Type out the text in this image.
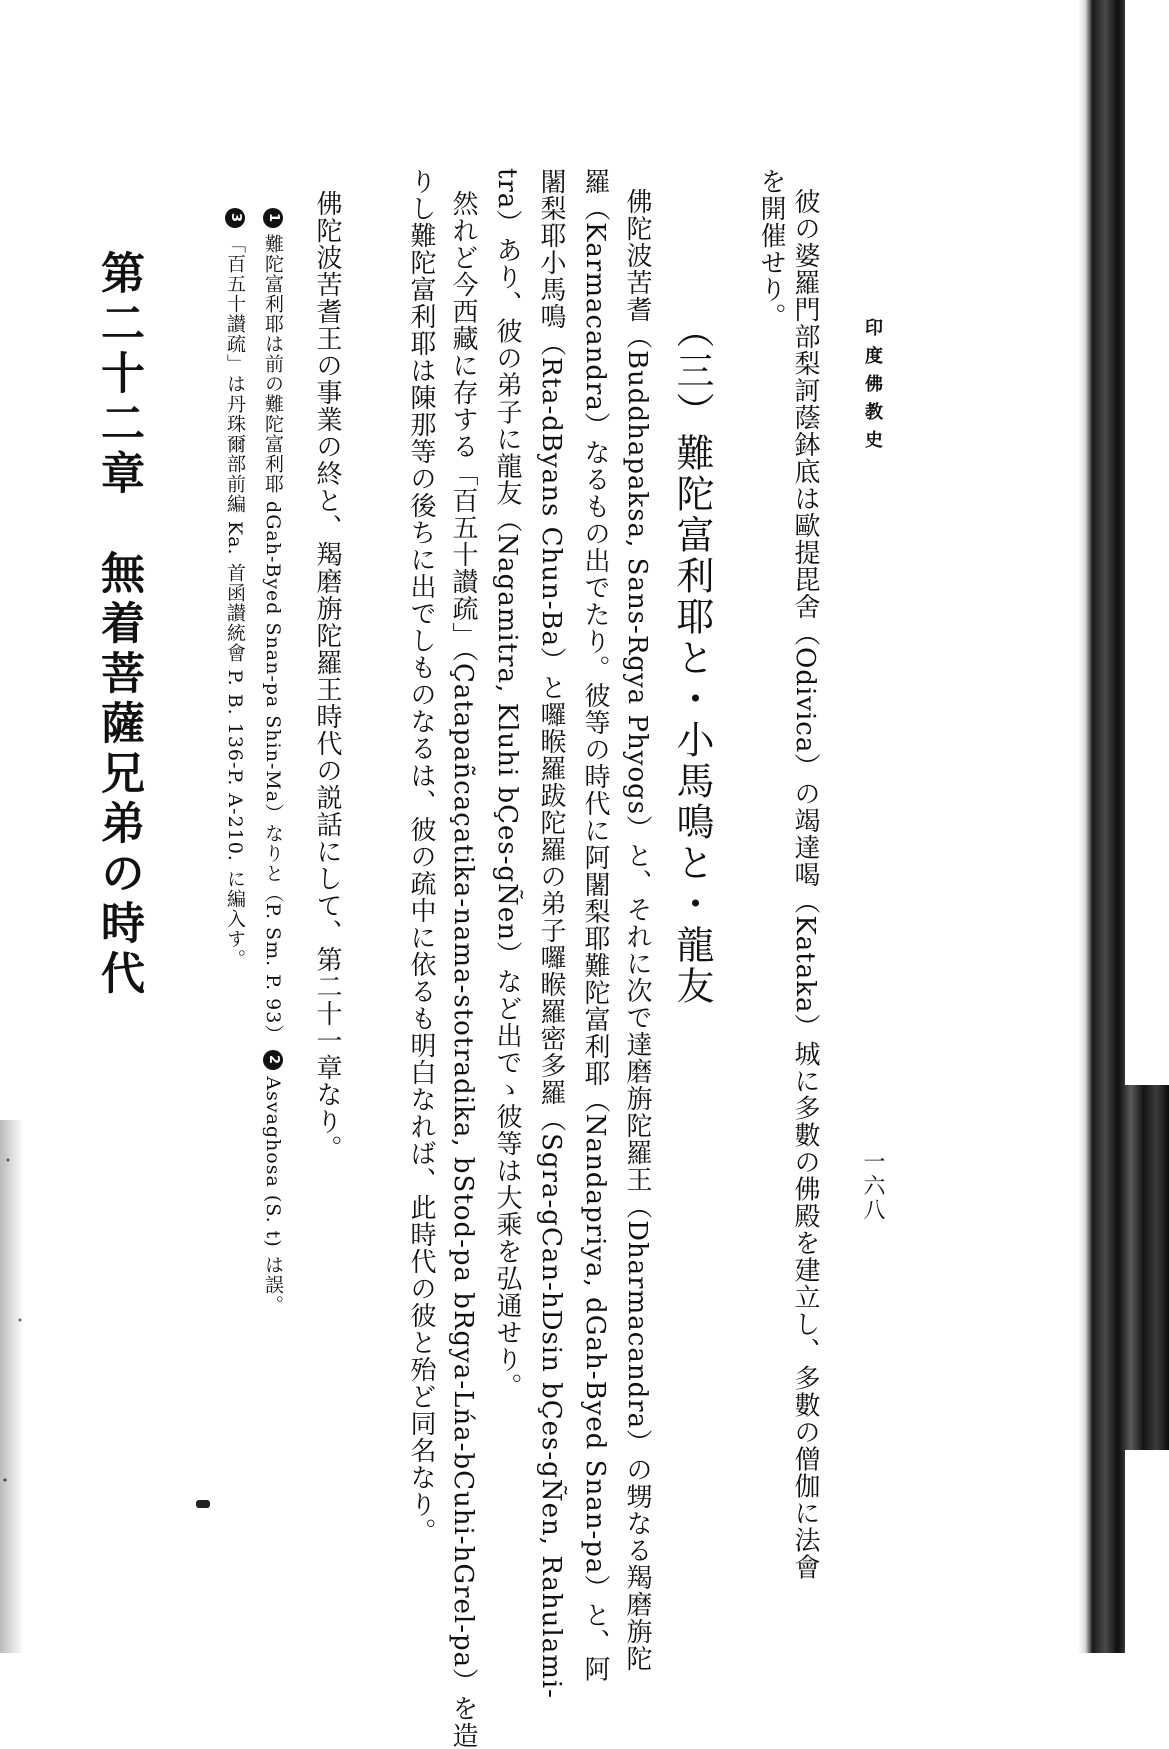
印度佛教史
一六八
彼の婆羅門部梨訶蔭鉢底は歐提毘舍（Odivica）の竭達喝（Kataka）城に多數の佛殿を建立し、多數の僧伽に法會
を開催せり。
（三）難陀富利耶と・小馬鳴と・龍友
佛陀波苦耆（Buddhapaksa, Sans-Rgya Phyogs）と、それに次で達磨旃陀羅王（Dharmacandra）の甥なる羯磨旃陀
羅（Karmacandra）なるもの出でたり。彼等の時代に阿闍梨耶難陀富利耶（Nandapriya, dGah-Byed Snan-pa）と、阿
闍梨耶小馬鳴（Rta-dByans Chun-Ba）と囉睺羅跋陀羅の弟子囉睺羅密多羅（Sgra-gCan-hDsin bÇes-gÑen, Rahulami-
tra）あり、彼の弟子に龍友（Nagamitra, Kluhi bÇes-gÑen）など出でゝ彼等は大乘を弘通せり。
然れど今西藏に存する「百五十讃疏」（Çatapañcaçatika-nama-stotradika, bStod-pa bRgya-Lńa-bCuhi-hGrel-pa）を造
りし難陀富利耶は陳那等の後ちに出でしものなるは、彼の疏中に依るも明白なれば、此時代の彼と殆ど同名なり。
佛陀波苦耆王の事業の終と、羯磨旃陀羅王時代の説話にして、第二十一章なり。
1難陀富利耶は前の難陀富利耶 dGah-Byed Snan-pa Shin-Ma）なりと（P. Sm. P. 93）2Asvaghosa (S. t) は誤。
3「百五十讃疏」は丹珠爾部前編 Ka. 首函讃統會 P. B. 136-P. A-210. に編入す。
第二十二章　無着菩薩兄弟の時代
